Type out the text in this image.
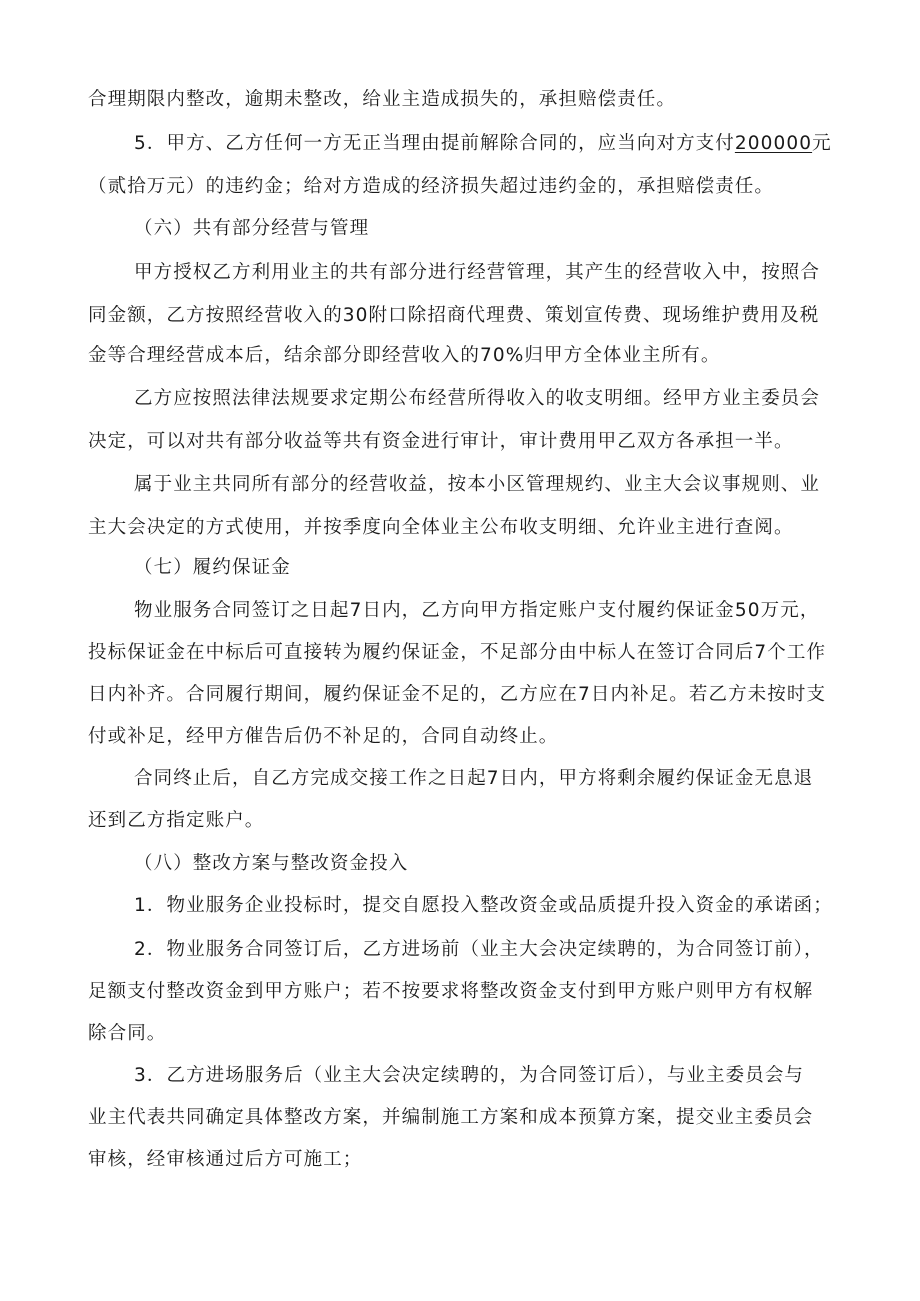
合理期限内整改，逾期未整改，给业主造成损失的，承担赔偿责任。
5．甲方、乙方任何一方无正当理由提前解除合同的，应当向对方支付200000元
（贰拾万元）的违约金；给对方造成的经济损失超过违约金的，承担赔偿责任。
（六）共有部分经营与管理
甲方授权乙方利用业主的共有部分进行经营管理，其产生的经营收入中，按照合
同金额，乙方按照经营收入的30附口除招商代理费、策划宣传费、现场维护费用及税
金等合理经营成本后，结余部分即经营收入的70%归甲方全体业主所有。
乙方应按照法律法规要求定期公布经营所得收入的收支明细。经甲方业主委员会
决定，可以对共有部分收益等共有资金进行审计，审计费用甲乙双方各承担一半。
属于业主共同所有部分的经营收益，按本小区管理规约、业主大会议事规则、业
主大会决定的方式使用，并按季度向全体业主公布收支明细、允许业主进行查阅。
（七）履约保证金
物业服务合同签订之日起7日内，乙方向甲方指定账户支付履约保证金50万元，
投标保证金在中标后可直接转为履约保证金，不足部分由中标人在签订合同后7个工作
日内补齐。合同履行期间，履约保证金不足的，乙方应在7日内补足。若乙方未按时支
付或补足，经甲方催告后仍不补足的，合同自动终止。
合同终止后，自乙方完成交接工作之日起7日内，甲方将剩余履约保证金无息退
还到乙方指定账户。
（八）整改方案与整改资金投入
1．物业服务企业投标时，提交自愿投入整改资金或品质提升投入资金的承诺函；
2．物业服务合同签订后，乙方进场前（业主大会决定续聘的，为合同签订前），
足额支付整改资金到甲方账户；若不按要求将整改资金支付到甲方账户则甲方有权解
除合同。
3．乙方进场服务后（业主大会决定续聘的，为合同签订后），与业主委员会与
业主代表共同确定具体整改方案，并编制施工方案和成本预算方案，提交业主委员会
审核，经审核通过后方可施工；
